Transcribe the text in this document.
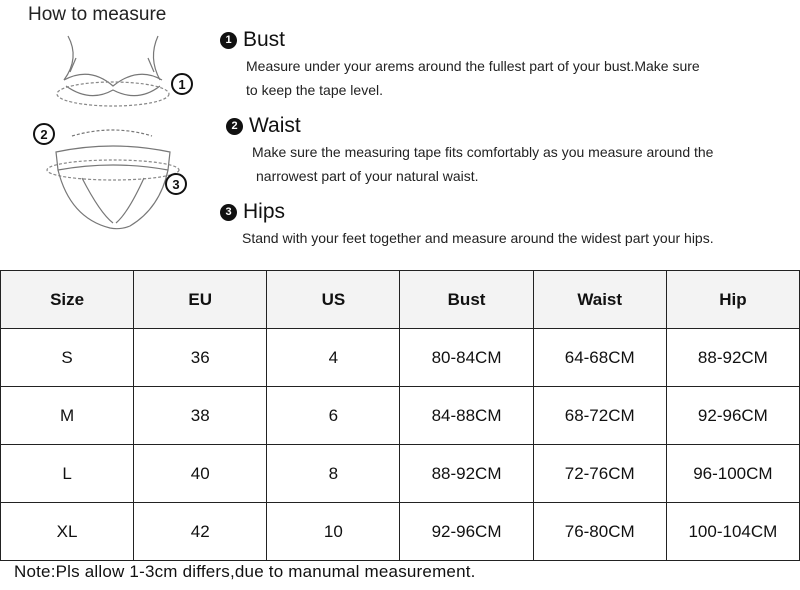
How to measure
1
2
3
1 Bust
Measure under your arems around the fullest part of your bust.Make sure
to keep the tape level.
2 Waist
Make sure the measuring tape fits comfortably as you measure around the
narrowest part of your natural waist.
3 Hips
Stand with your feet together and measure around the widest part your hips.
Size	EU	US	Bust	Waist	Hip
S	36	4	80-84CM	64-68CM	88-92CM
M	38	6	84-88CM	68-72CM	92-96CM
L	40	8	88-92CM	72-76CM	96-100CM
XL	42	10	92-96CM	76-80CM	100-104CM
Note:Pls allow 1-3cm differs,due to manumal measurement.
